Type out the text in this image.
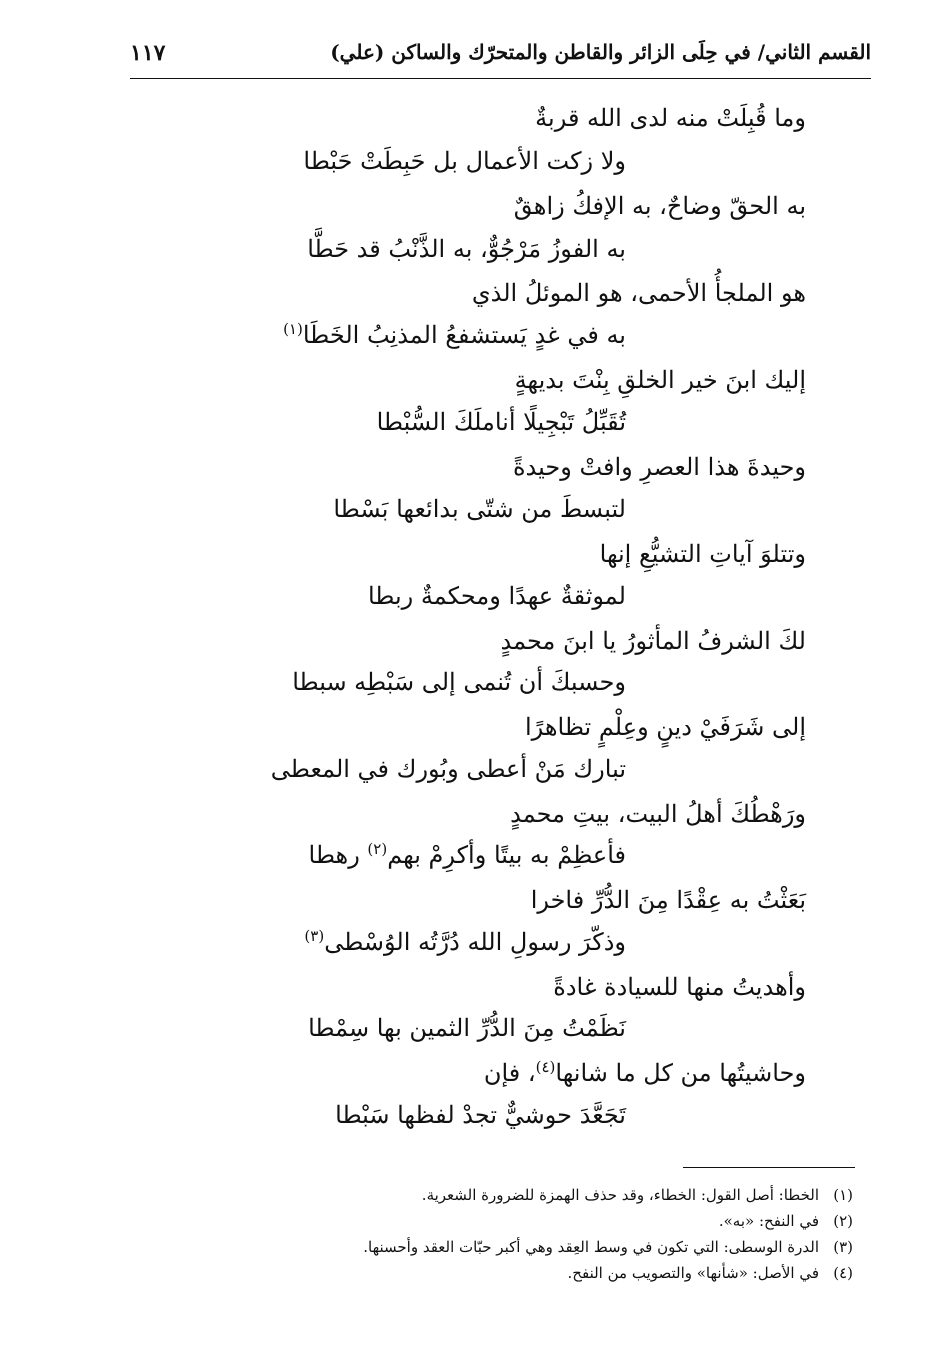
القسم الثاني/ في حِلَى الزائر والقاطن والمتحرّك والساكن (علي)
١١٧
وما قُبِلَتْ منه لدى الله قربةٌ
ولا زكت الأعمال بل حَبِطَتْ حَبْطا
به الحقّ وضاحٌ، به الإفكُ زاهقٌ
به الفوزُ مَرْجُوٌّ، به الذَّنْبُ قد حَطَّا
هو الملجأُ الأحمى، هو الموئلُ الذي
به في غدٍ يَستشفعُ المذنِبُ الخَطَا$^{(١)}$
إليك ابنَ خير الخلقِ بِنْتَ بديهةٍ
تُقَبِّلُ تَبْجِيلًا أناملَكَ السُّبْطا
وحيدةَ هذا العصرِ وافتْ وحيدةً
لتبسطَ من شتّى بدائعها بَسْطا
وتتلوَ آياتِ التشيُّعِ إنها
لموثقةٌ عهدًا ومحكمةٌ ربطا
لكَ الشرفُ المأثورُ يا ابنَ محمدٍ
وحسبكَ أن تُنمى إلى سَبْطِه سبطا
إلى شَرَفَيْ دينٍ وعِلْمٍ تظاهرًا
تبارك مَنْ أعطى وبُورك في المعطى
ورَهْطُكَ أهلُ البيت، بيتِ محمدٍ
فأعظِمْ به بيتًا وأكرِمْ بهم$^{(٢)}$ رهطا
بَعَثْتُ به عِقْدًا مِنَ الدُّرِّ فاخرا
وذكّرَ رسولِ الله دُرَّتُه الوُسْطى$^{(٣)}$
وأهديتُ منها للسيادة غادةً
نَظَمْتُ مِنَ الدُّرِّ الثمين بها سِمْطا
وحاشيتُها من كل ما شانها$^{(٤)}$، فإن
تَجَعَّدَ حوشيٌّ تجدْ لفظها سَبْطا
(١)الخطا: أصل القول: الخطاء، وقد حذف الهمزة للضرورة الشعرية.
(٢)في النفح: «به».
(٣)الدرة الوسطى: التي تكون في وسط العِقد وهي أكبر حبّات العقد وأحسنها.
(٤)في الأصل: «شأنها» والتصويب من النفح.
